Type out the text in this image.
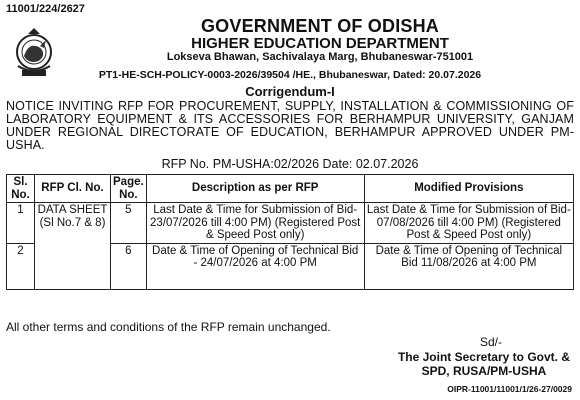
11001/224/2627
GOVERNMENT OF ODISHA
HIGHER EDUCATION DEPARTMENT
Lokseva Bhawan, Sachivalaya Marg, Bhubaneswar-751001
PT1-HE-SCH-POLICY-0003-2026/39504 /HE., Bhubaneswar, Dated: 20.07.2026
Corrigendum-I
NOTICE INVITING RFP FOR PROCUREMENT, SUPPLY, INSTALLATION & COMMISSIONING OF LABORATORY EQUIPMENT & ITS ACCESSORIES FOR BERHAMPUR UNIVERSITY, GANJAM UNDER REGIONAL DIRECTORATE OF EDUCATION, BERHAMPUR APPROVED UNDER PM-USHA.
RFP No. PM-USHA:02/2026 Date: 02.07.2026
Sl. No.	RFP Cl. No.	Page. No.	Description as per RFP	Modified Provisions
1	DATA SHEET (Sl No.7 & 8)	5	Last Date & Time for Submission of Bid- 23/07/2026 till 4:00 PM) (Registered Post & Speed Post only)	Last Date & Time for Submission of Bid- 07/08/2026 till 4:00 PM) (Registered Post & Speed Post only)
2		6	Date & Time of Opening of Technical Bid - 24/07/2026 at 4:00 PM	Date & Time of Opening of Technical Bid 11/08/2026 at 4:00 PM
All other terms and conditions of the RFP remain unchanged.
Sd/-
The Joint Secretary to Govt. &
SPD, RUSA/PM-USHA
OIPR-11001/11001/1/26-27/0029
